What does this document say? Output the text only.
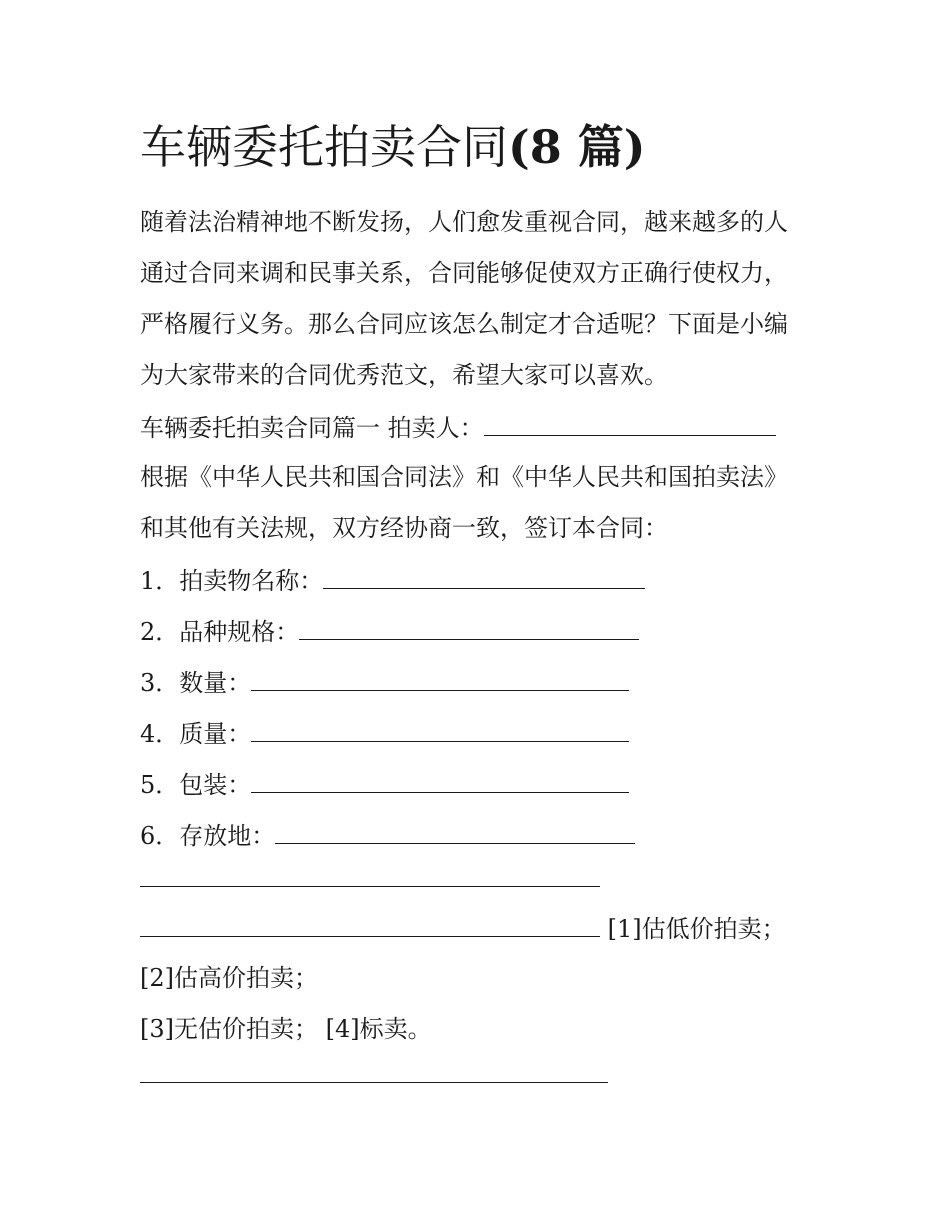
车辆委托拍卖合同(8 篇)

随着法治精神地不断发扬，人们愈发重视合同，越来越多的人

通过合同来调和民事关系，合同能够促使双方正确行使权力，

严格履行义务。那么合同应该怎么制定才合适呢？下面是小编

为大家带来的合同优秀范文，希望大家可以喜欢。

车辆委托拍卖合同篇一 拍卖人：

根据《中华人民共和国合同法》和《中华人民共和国拍卖法》

和其他有关法规，双方经协商一致，签订本合同：

1．拍卖物名称：

2．品种规格：

3．数量：

4．质量：

5．包装：

6．存放地：

[1]估低价拍卖；

[2]估高价拍卖；

[3]无估价拍卖； [4]标卖。
